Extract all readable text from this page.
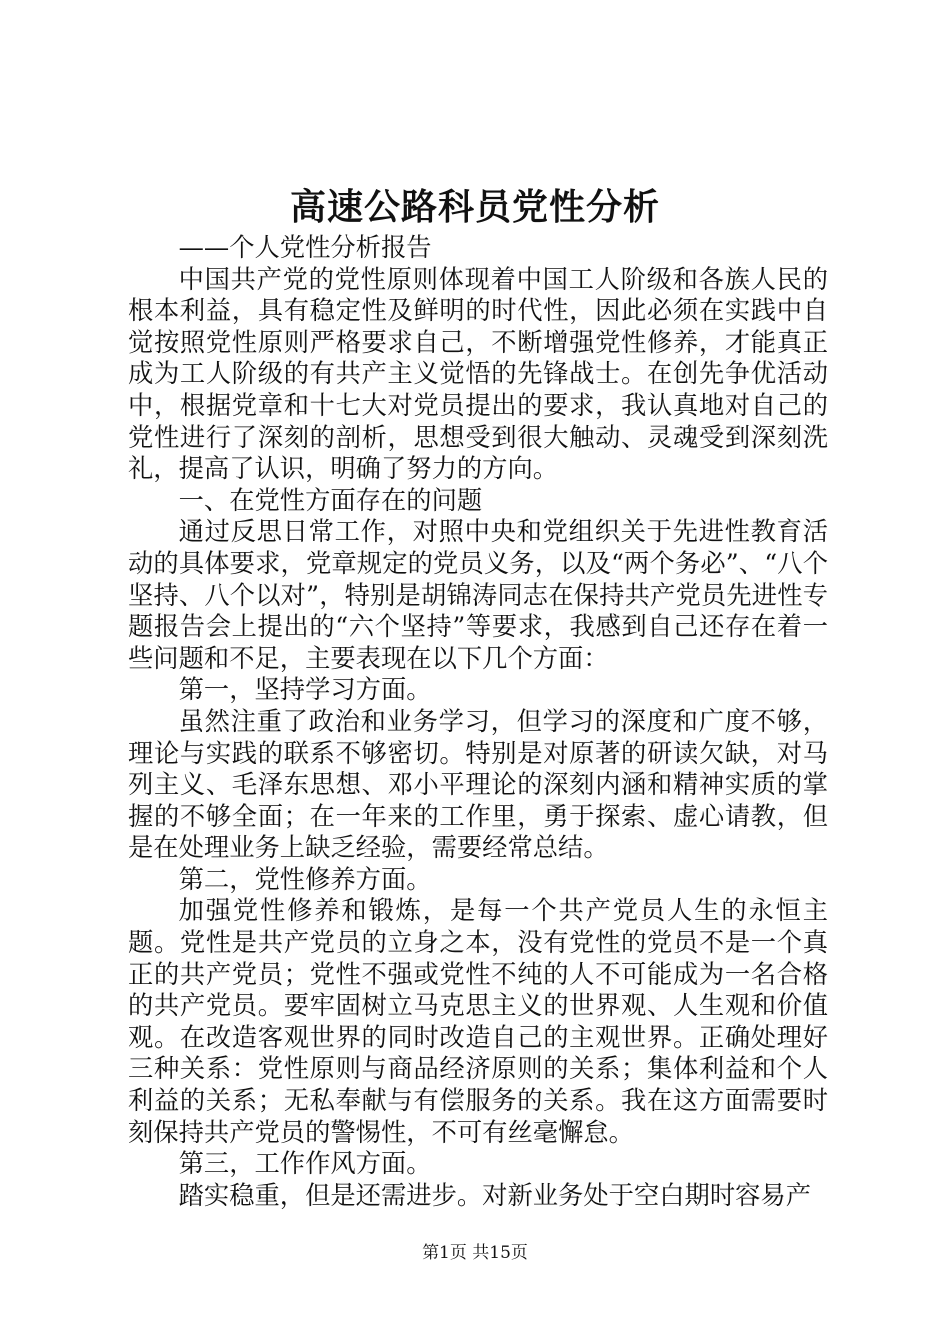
高速公路科员党性分析

——个人党性分析报告

中国共产党的党性原则体现着中国工人阶级和各族人民的根本利益，具有稳定性及鲜明的时代性，因此必须在实践中自觉按照党性原则严格要求自己，不断增强党性修养，才能真正成为工人阶级的有共产主义觉悟的先锋战士。在创先争优活动中，根据党章和十七大对党员提出的要求，我认真地对自己的党性进行了深刻的剖析，思想受到很大触动、灵魂受到深刻洗礼，提高了认识，明确了努力的方向。

一、在党性方面存在的问题

通过反思日常工作，对照中央和党组织关于先进性教育活动的具体要求，党章规定的党员义务，以及“两个务必”、“八个坚持、八个以对”，特别是胡锦涛同志在保持共产党员先进性专题报告会上提出的“六个坚持”等要求，我感到自己还存在着一些问题和不足，主要表现在以下几个方面：

第一，坚持学习方面。

虽然注重了政治和业务学习，但学习的深度和广度不够，理论与实践的联系不够密切。特别是对原著的研读欠缺，对马列主义、毛泽东思想、邓小平理论的深刻内涵和精神实质的掌握的不够全面；在一年来的工作里，勇于探索、虚心请教，但是在处理业务上缺乏经验，需要经常总结。

第二，党性修养方面。

加强党性修养和锻炼，是每一个共产党员人生的永恒主题。党性是共产党员的立身之本，没有党性的党员不是一个真正的共产党员；党性不强或党性不纯的人不可能成为一名合格的共产党员。要牢固树立马克思主义的世界观、人生观和价值观。在改造客观世界的同时改造自己的主观世界。正确处理好三种关系：党性原则与商品经济原则的关系；集体利益和个人利益的关系；无私奉献与有偿服务的关系。我在这方面需要时刻保持共产党员的警惕性，不可有丝毫懈怠。

第三，工作作风方面。

踏实稳重，但是还需进步。对新业务处于空白期时容易产

第1页 共15页
